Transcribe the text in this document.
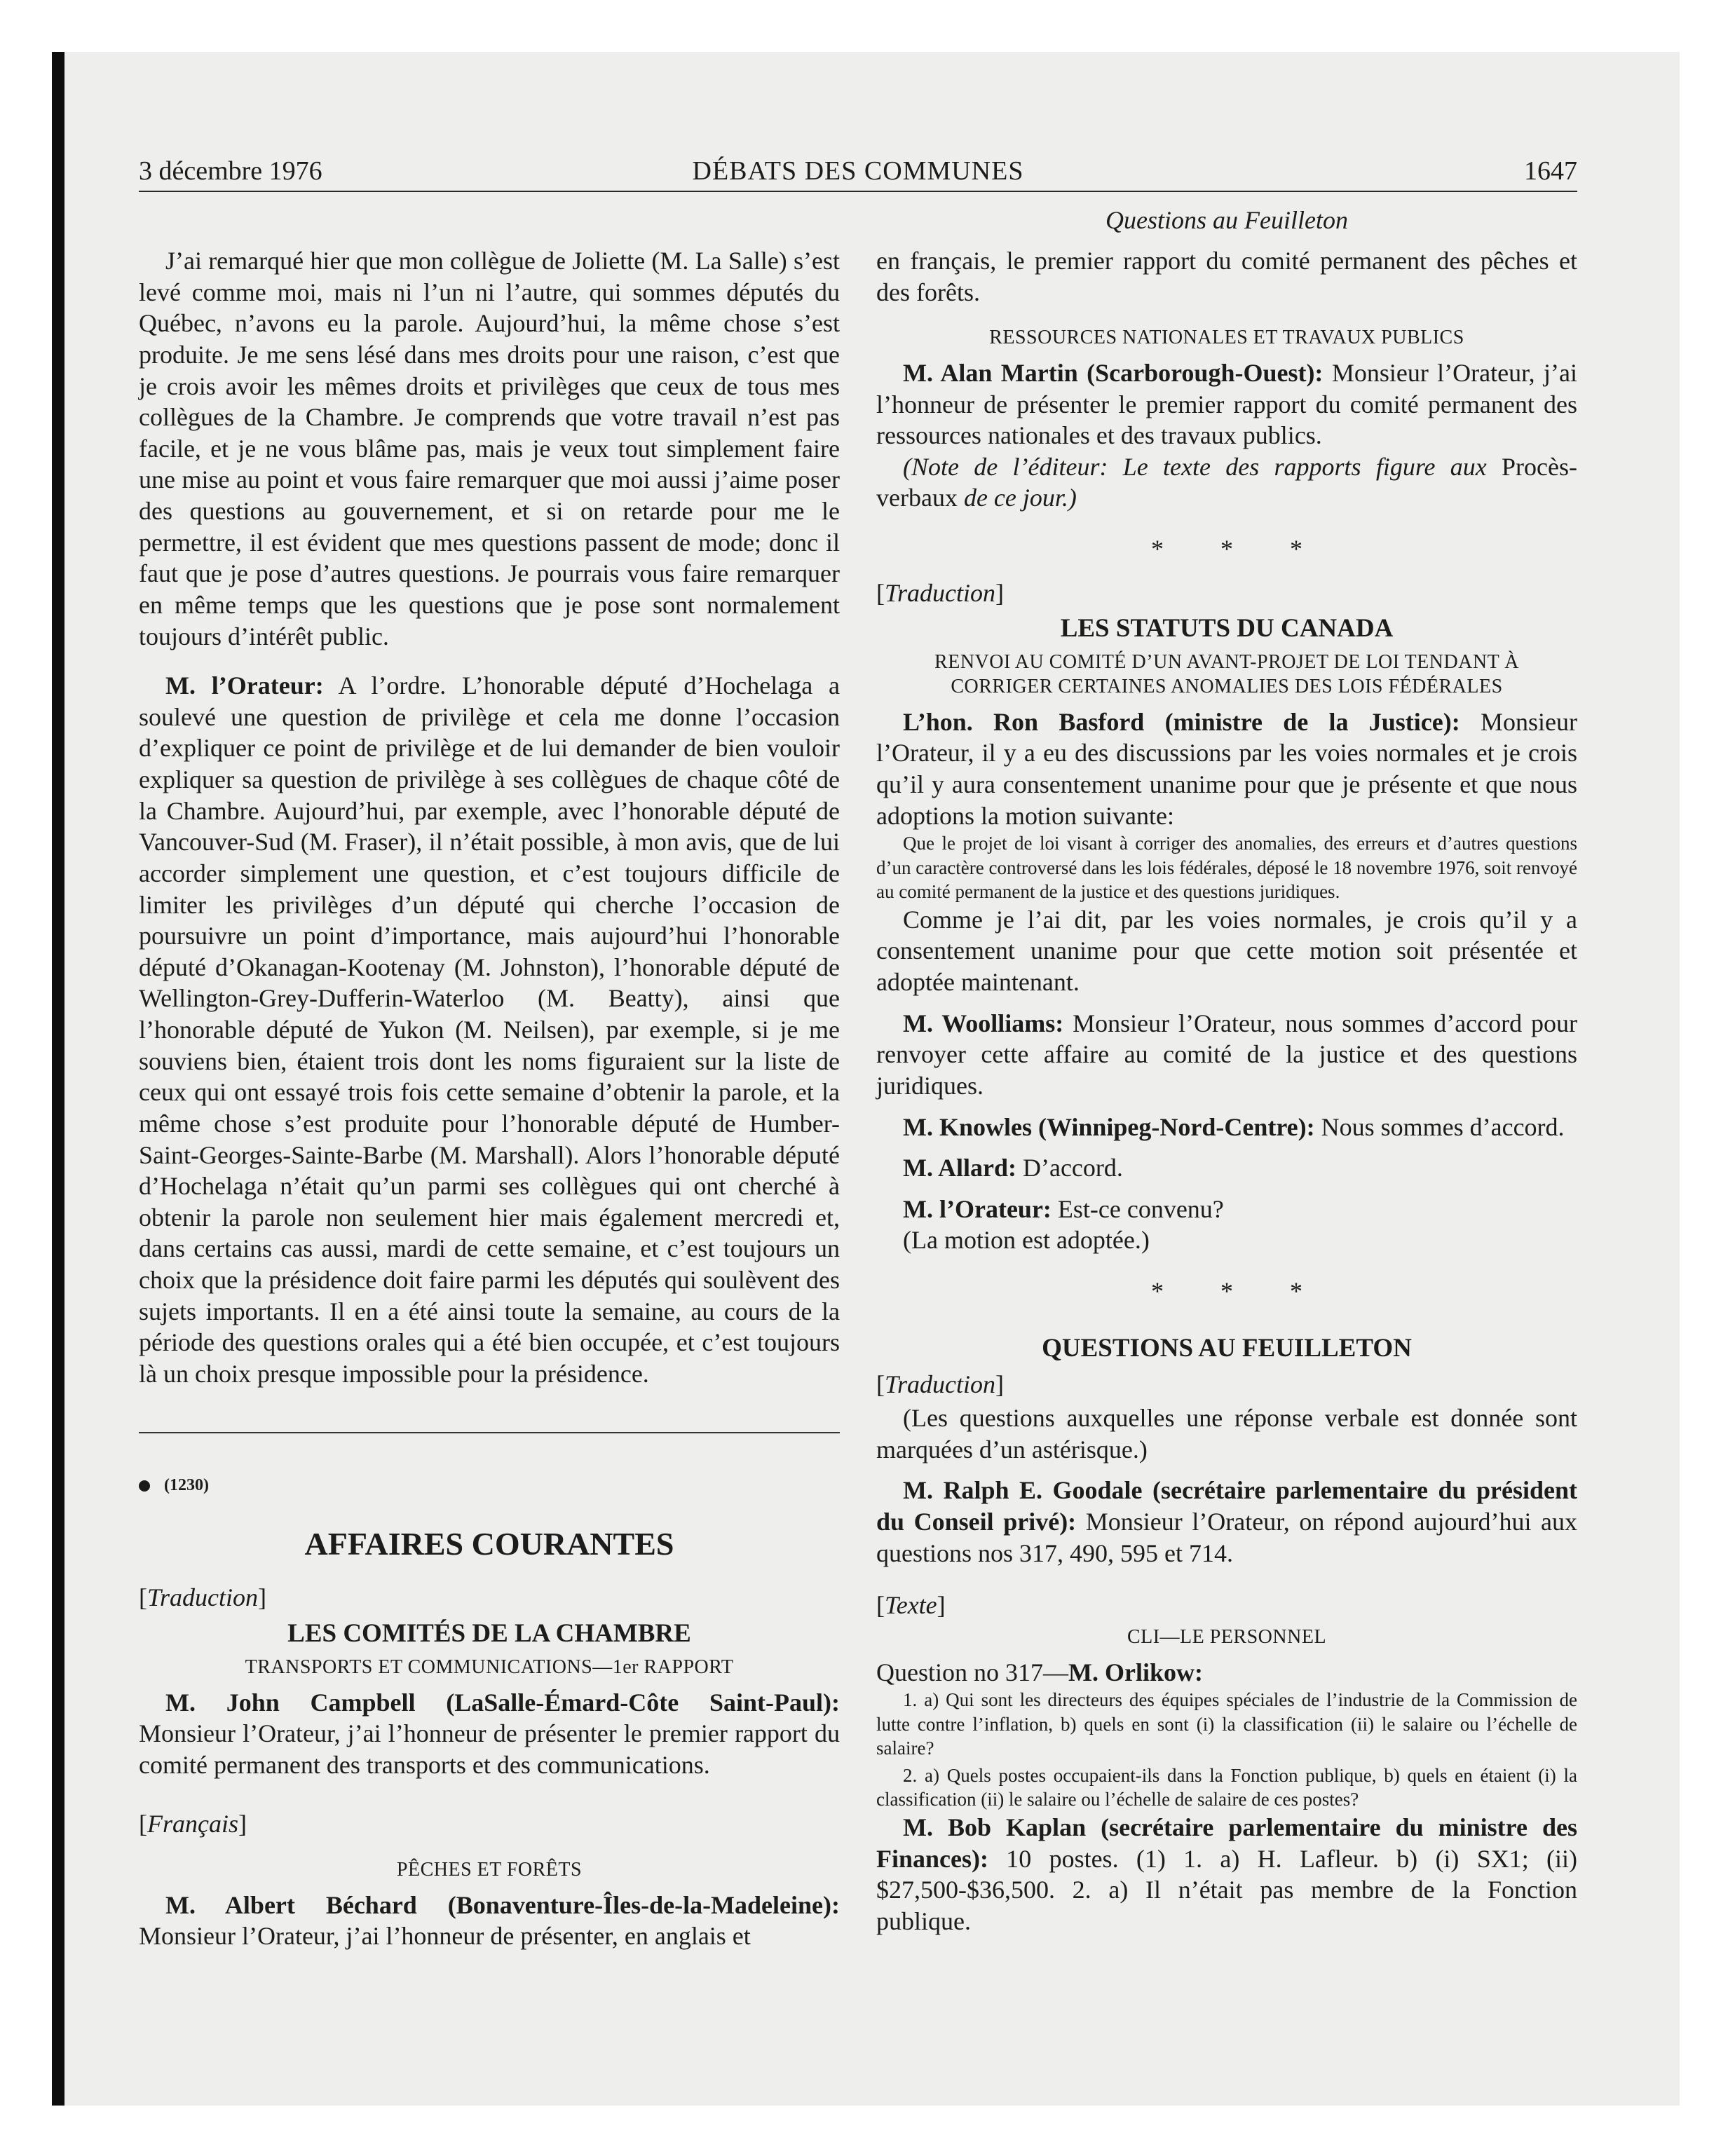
3 décembre 1976	DÉBATS DES COMMUNES	1647
Questions au Feuilleton

J’ai remarqué hier que mon collègue de Joliette (M. La Salle) s’est levé comme moi, mais ni l’un ni l’autre, qui sommes députés du Québec, n’avons eu la parole. Aujourd’hui, la même chose s’est produite. Je me sens lésé dans mes droits pour une raison, c’est que je crois avoir les mêmes droits et privilèges que ceux de tous mes collègues de la Chambre. Je comprends que votre travail n’est pas facile, et je ne vous blâme pas, mais je veux tout simplement faire une mise au point et vous faire remarquer que moi aussi j’aime poser des questions au gouvernement, et si on retarde pour me le permettre, il est évident que mes questions passent de mode; donc il faut que je pose d’autres questions. Je pourrais vous faire remarquer en même temps que les questions que je pose sont normalement toujours d’intérêt public.

M. l’Orateur: A l’ordre. L’honorable député d’Hochelaga a soulevé une question de privilège et cela me donne l’occasion d’expliquer ce point de privilège et de lui demander de bien vouloir expliquer sa question de privilège à ses collègues de chaque côté de la Chambre. Aujourd’hui, par exemple, avec l’honorable député de Vancouver-Sud (M. Fraser), il n’était possible, à mon avis, que de lui accorder simplement une question, et c’est toujours difficile de limiter les privilèges d’un député qui cherche l’occasion de poursuivre un point d’importance, mais aujourd’hui l’honorable député d’Okanagan-Kootenay (M. Johnston), l’honorable député de Wellington-Grey-Dufferin-Waterloo (M. Beatty), ainsi que l’honorable député de Yukon (M. Neilsen), par exemple, si je me souviens bien, étaient trois dont les noms figuraient sur la liste de ceux qui ont essayé trois fois cette semaine d’obtenir la parole, et la même chose s’est produite pour l’honorable député de Humber-Saint-Georges-Sainte-Barbe (M. Marshall). Alors l’honorable député d’Hochelaga n’était qu’un parmi ses collègues qui ont cherché à obtenir la parole non seulement hier mais également mercredi et, dans certains cas aussi, mardi de cette semaine, et c’est toujours un choix que la présidence doit faire parmi les députés qui soulèvent des sujets importants. Il en a été ainsi toute la semaine, au cours de la période des questions orales qui a été bien occupée, et c’est toujours là un choix presque impossible pour la présidence.

(1230)
AFFAIRES COURANTES
[Traduction]
LES COMITÉS DE LA CHAMBRE
TRANSPORTS ET COMMUNICATIONS—1er RAPPORT

M. John Campbell (LaSalle-Émard-Côte Saint-Paul): Monsieur l’Orateur, j’ai l’honneur de présenter le premier rapport du comité permanent des transports et des communications.

[Français]
PÊCHES ET FORÊTS

M. Albert Béchard (Bonaventure-Îles-de-la-Madeleine): Monsieur l’Orateur, j’ai l’honneur de présenter, en anglais et

en français, le premier rapport du comité permanent des pêches et des forêts.

RESSOURCES NATIONALES ET TRAVAUX PUBLICS

M. Alan Martin (Scarborough-Ouest): Monsieur l’Orateur, j’ai l’honneur de présenter le premier rapport du comité permanent des ressources nationales et des travaux publics.

(Note de l’éditeur: Le texte des rapports figure aux Procès-verbaux de ce jour.)

* * *
[Traduction]
LES STATUTS DU CANADA
RENVOI AU COMITÉ D’UN AVANT-PROJET DE LOI TENDANT À CORRIGER CERTAINES ANOMALIES DES LOIS FÉDÉRALES

L’hon. Ron Basford (ministre de la Justice): Monsieur l’Orateur, il y a eu des discussions par les voies normales et je crois qu’il y aura consentement unanime pour que je présente et que nous adoptions la motion suivante:

Que le projet de loi visant à corriger des anomalies, des erreurs et d’autres questions d’un caractère controversé dans les lois fédérales, déposé le 18 novembre 1976, soit renvoyé au comité permanent de la justice et des questions juridiques.

Comme je l’ai dit, par les voies normales, je crois qu’il y a consentement unanime pour que cette motion soit présentée et adoptée maintenant.

M. Woolliams: Monsieur l’Orateur, nous sommes d’accord pour renvoyer cette affaire au comité de la justice et des questions juridiques.

M. Knowles (Winnipeg-Nord-Centre): Nous sommes d’accord.

M. Allard: D’accord.

M. l’Orateur: Est-ce convenu?

(La motion est adoptée.)

* * *
QUESTIONS AU FEUILLETON
[Traduction]

(Les questions auxquelles une réponse verbale est donnée sont marquées d’un astérisque.)

M. Ralph E. Goodale (secrétaire parlementaire du président du Conseil privé): Monsieur l’Orateur, on répond aujourd’hui aux questions nos 317, 490, 595 et 714.

[Texte]
CLI—LE PERSONNEL

Question no 317—M. Orlikow:

1. a) Qui sont les directeurs des équipes spéciales de l’industrie de la Commission de lutte contre l’inflation, b) quels en sont (i) la classification (ii) le salaire ou l’échelle de salaire?

2. a) Quels postes occupaient-ils dans la Fonction publique, b) quels en étaient (i) la classification (ii) le salaire ou l’échelle de salaire de ces postes?

M. Bob Kaplan (secrétaire parlementaire du ministre des Finances): 10 postes. (1) 1. a) H. Lafleur. b) (i) SX1; (ii) $27,500-$36,500. 2. a) Il n’était pas membre de la Fonction publique.
